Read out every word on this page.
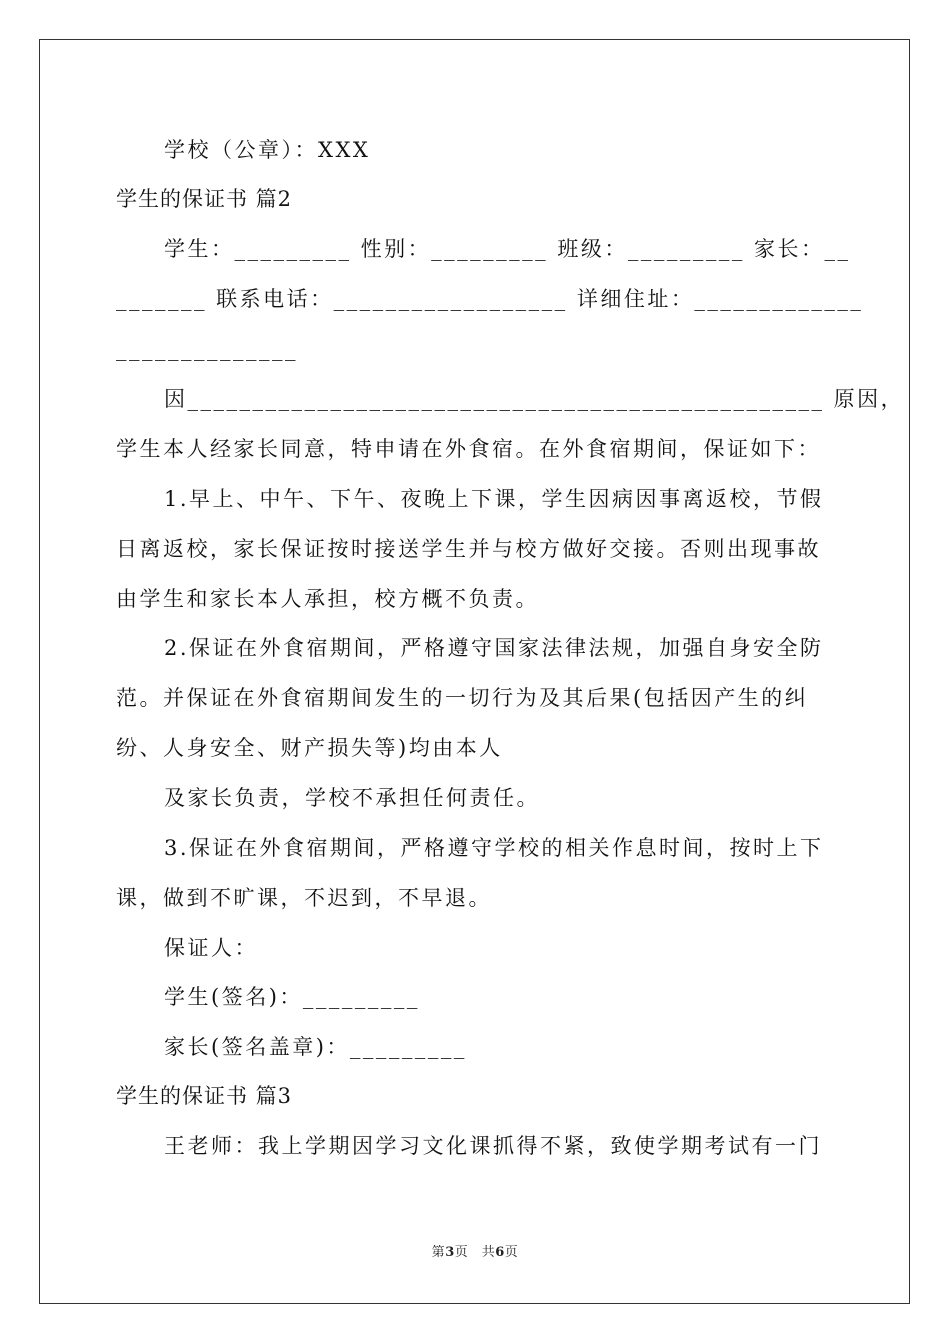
学校（公章）：XXX
学生的保证书 篇2
学生：_________ 性别：_________ 班级：_________ 家长：__
_______ 联系电话：__________________ 详细住址：_____________
______________
因_________________________________________________ 原因，
学生本人经家长同意，特申请在外食宿。在外食宿期间，保证如下：
1.早上、中午、下午、夜晚上下课，学生因病因事离返校，节假
日离返校，家长保证按时接送学生并与校方做好交接。否则出现事故
由学生和家长本人承担，校方概不负责。
2.保证在外食宿期间，严格遵守国家法律法规，加强自身安全防
范。并保证在外食宿期间发生的一切行为及其后果(包括因产生的纠
纷、人身安全、财产损失等)均由本人
及家长负责，学校不承担任何责任。
3.保证在外食宿期间，严格遵守学校的相关作息时间，按时上下
课，做到不旷课，不迟到，不早退。
保证人：
学生(签名)：_________
家长(签名盖章)：_________
学生的保证书 篇3
王老师：我上学期因学习文化课抓得不紧，致使学期考试有一门
第3页　共6页
